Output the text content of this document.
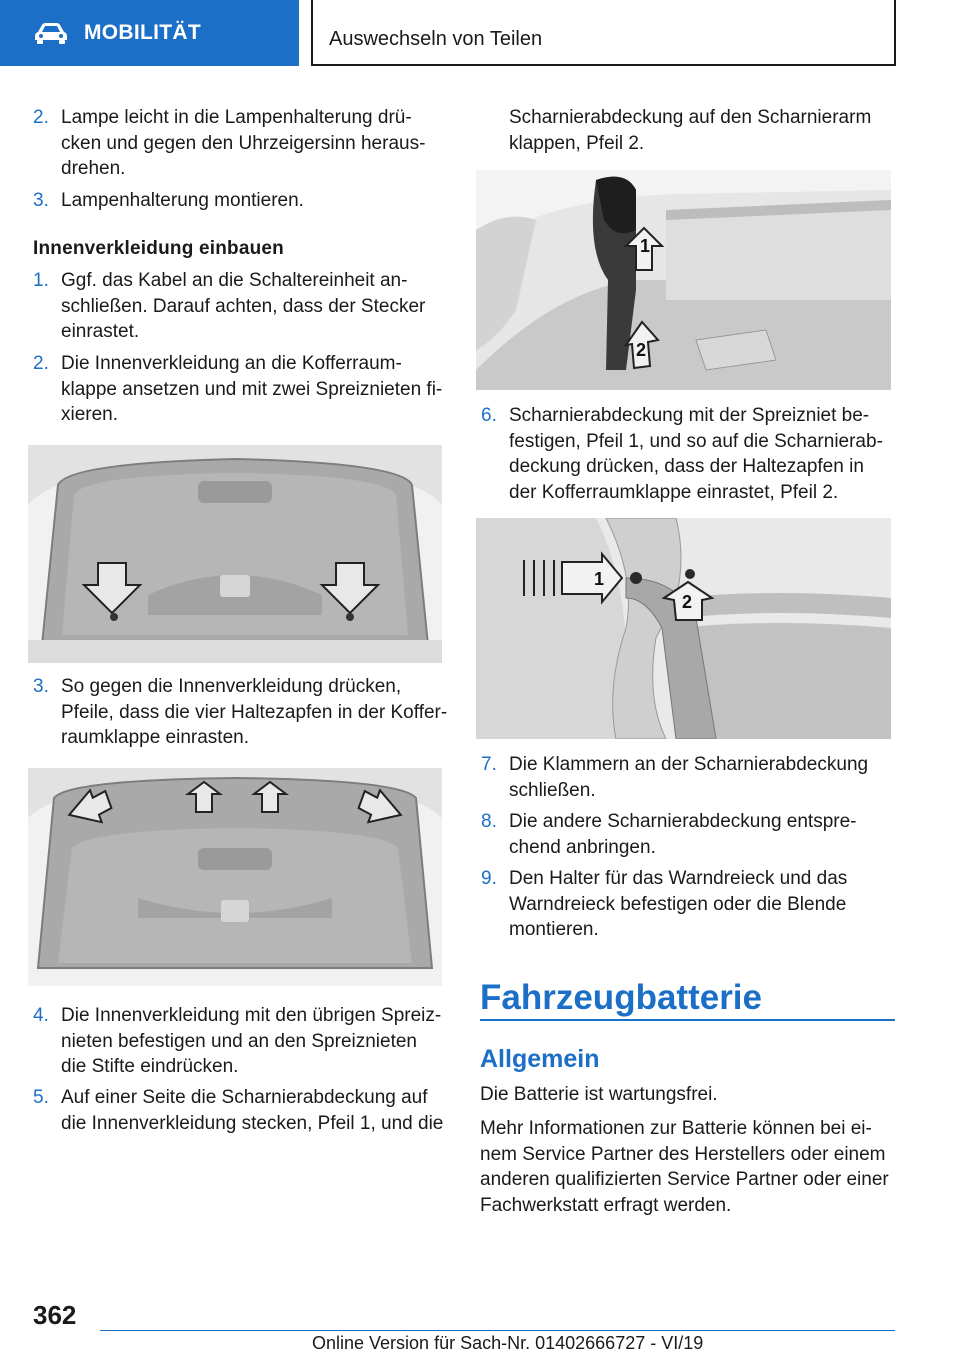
MOBILITÄT	Auswechseln von Teilen
2. Lampe leicht in die Lampenhalterung drü-
cken und gegen den Uhrzeigersinn heraus-
drehen.
3. Lampenhalterung montieren.
Innenverkleidung einbauen
1. Ggf. das Kabel an die Schaltereinheit an-
schließen. Darauf achten, dass der Stecker
einrastet.
2. Die Innenverkleidung an die Kofferraum-
klappe ansetzen und mit zwei Spreiznieten fi-
xieren.
3. So gegen die Innenverkleidung drücken,
Pfeile, dass die vier Haltezapfen in der Koffer-
raumklappe einrasten.
4. Die Innenverkleidung mit den übrigen Spreiz-
nieten befestigen und an den Spreiznieten
die Stifte eindrücken.
5. Auf einer Seite die Scharnierabdeckung auf
die Innenverkleidung stecken, Pfeil 1, und die
Scharnierabdeckung auf den Scharnierarm
klappen, Pfeil 2.
1
2
6. Scharnierabdeckung mit der Spreizniet be-
festigen, Pfeil 1, und so auf die Scharnierab-
deckung drücken, dass der Haltezapfen in
der Kofferraumklappe einrastet, Pfeil 2.
1
2
7. Die Klammern an der Scharnierabdeckung
schließen.
8. Die andere Scharnierabdeckung entspre-
chend anbringen.
9. Den Halter für das Warndreieck und das
Warndreieck befestigen oder die Blende
montieren.
Fahrzeugbatterie
Allgemein
Die Batterie ist wartungsfrei.
Mehr Informationen zur Batterie können bei ei-
nem Service Partner des Herstellers oder einem
anderen qualifizierten Service Partner oder einer
Fachwerkstatt erfragt werden.
362
Online Version für Sach-Nr. 01402666727 - VI/19
